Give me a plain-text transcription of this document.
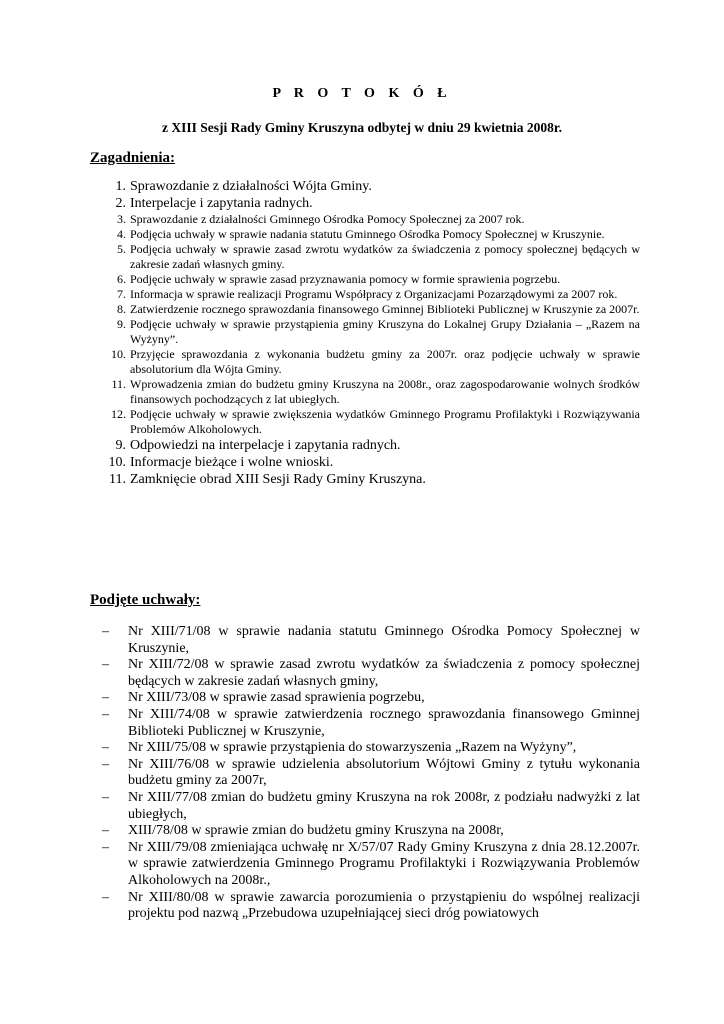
P R O T O K Ó Ł
z XIII Sesji Rady Gminy Kruszyna odbytej w dniu 29 kwietnia 2008r.
Zagadnienia:
1. Sprawozdanie z działalności Wójta Gminy.
2. Interpelacje i zapytania radnych.
3. Sprawozdanie z działalności Gminnego Ośrodka Pomocy Społecznej za 2007 rok.
4. Podjęcia uchwały w sprawie nadania statutu Gminnego Ośrodka Pomocy Społecznej w Kruszynie.
5. Podjęcia uchwały w sprawie zasad zwrotu wydatków za świadczenia z pomocy społecznej będących w zakresie zadań własnych gminy.
6. Podjęcie uchwały w sprawie zasad przyznawania pomocy w formie sprawienia pogrzebu.
7. Informacja w sprawie realizacji Programu Współpracy z Organizacjami Pozarządowymi za 2007 rok.
8. Zatwierdzenie rocznego sprawozdania finansowego Gminnej Biblioteki Publicznej w Kruszynie za 2007r.
9. Podjęcie uchwały w sprawie przystąpienia gminy Kruszyna do Lokalnej Grupy Działania – „Razem na Wyżyny”.
10. Przyjęcie sprawozdania z wykonania budżetu gminy za 2007r. oraz podjęcie uchwały w sprawie absolutorium dla Wójta Gminy.
11. Wprowadzenia zmian do budżetu gminy Kruszyna na 2008r., oraz zagospodarowanie wolnych środków finansowych pochodzących z lat ubiegłych.
12. Podjęcie uchwały w sprawie zwiększenia wydatków Gminnego Programu Profilaktyki i Rozwiązywania Problemów Alkoholowych.
9. Odpowiedzi na interpelacje i zapytania radnych.
10. Informacje bieżące i wolne wnioski.
11. Zamknięcie obrad XIII Sesji Rady Gminy Kruszyna.
Podjęte uchwały:
–	Nr XIII/71/08 w sprawie nadania statutu Gminnego Ośrodka Pomocy Społecznej w Kruszynie,
–	Nr XIII/72/08 w sprawie zasad zwrotu wydatków za świadczenia z pomocy społecznej będących w zakresie zadań własnych gminy,
–	Nr XIII/73/08 w sprawie zasad sprawienia pogrzebu,
–	Nr XIII/74/08 w sprawie zatwierdzenia rocznego sprawozdania finansowego Gminnej Biblioteki Publicznej w Kruszynie,
–	Nr XIII/75/08 w sprawie przystąpienia do stowarzyszenia „Razem na Wyżyny”,
–	Nr XIII/76/08 w sprawie udzielenia absolutorium Wójtowi Gminy z tytułu wykonania budżetu gminy za 2007r,
–	Nr XIII/77/08 zmian do budżetu gminy Kruszyna na rok 2008r, z podziału nadwyżki z lat ubiegłych,
–	XIII/78/08 w sprawie zmian do budżetu gminy Kruszyna na 2008r,
–	Nr XIII/79/08 zmieniająca uchwałę nr X/57/07 Rady Gminy Kruszyna z dnia 28.12.2007r. w sprawie zatwierdzenia Gminnego Programu Profilaktyki i Rozwiązywania Problemów Alkoholowych na 2008r.,
–	Nr XIII/80/08 w sprawie zawarcia porozumienia o przystąpieniu do wspólnej realizacji projektu pod nazwą „Przebudowa uzupełniającej sieci dróg powiatowych
